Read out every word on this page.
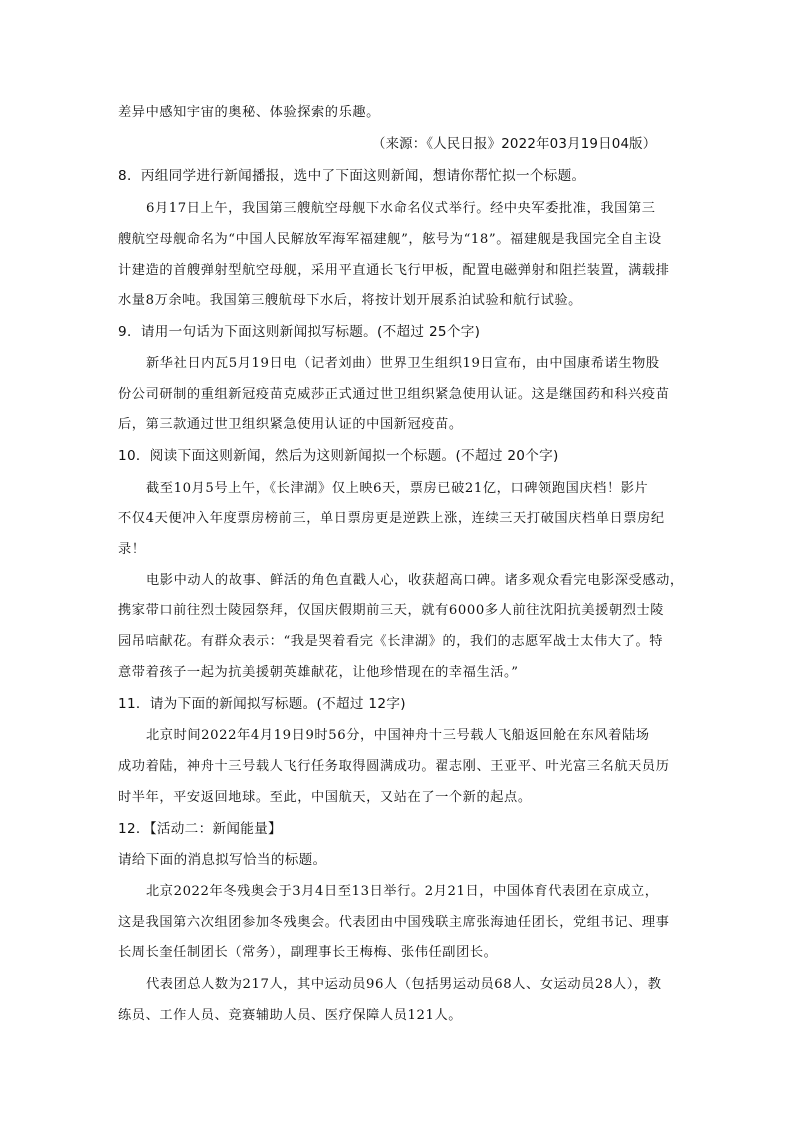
差异中感知宇宙的奥秘、体验探索的乐趣。
（来源：《人民日报》2022年03月19日04版）
8．丙组同学进行新闻播报，选中了下面这则新闻，想请你帮忙拟一个标题。
6月17日上午，我国第三艘航空母舰下水命名仪式举行。经中央军委批准，我国第三
艘航空母舰命名为“中国人民解放军海军福建舰”，舷号为“18”。福建舰是我国完全自主设
计建造的首艘弹射型航空母舰，采用平直通长飞行甲板，配置电磁弹射和阻拦装置，满载排
水量8万余吨。我国第三艘航母下水后，将按计划开展系泊试验和航行试验。
9．请用一句话为下面这则新闻拟写标题。(不超过 25个字)
新华社日内瓦5月19日电（记者刘曲）世界卫生组织19日宣布，由中国康希诺生物股
份公司研制的重组新冠疫苗克威莎正式通过世卫组织紧急使用认证。这是继国药和科兴疫苗
后，第三款通过世卫组织紧急使用认证的中国新冠疫苗。
10．阅读下面这则新闻，然后为这则新闻拟一个标题。(不超过 20个字)
截至10月5号上午，《长津湖》仅上映6天，票房已破21亿，口碑领跑国庆档！影片
不仅4天便冲入年度票房榜前三，单日票房更是逆跌上涨，连续三天打破国庆档单日票房纪
录！
电影中动人的故事、鲜活的角色直戳人心，收获超高口碑。诸多观众看完电影深受感动，
携家带口前往烈士陵园祭拜，仅国庆假期前三天，就有6000多人前往沈阳抗美援朝烈士陵
园吊唁献花。有群众表示：“我是哭着看完《长津湖》的，我们的志愿军战士太伟大了。特
意带着孩子一起为抗美援朝英雄献花，让他珍惜现在的幸福生活。”
11．请为下面的新闻拟写标题。(不超过 12字)
北京时间2022年4月19日9时56分，中国神舟十三号载人飞船返回舱在东风着陆场
成功着陆，神舟十三号载人飞行任务取得圆满成功。翟志刚、王亚平、叶光富三名航天员历
时半年，平安返回地球。至此，中国航天，又站在了一个新的起点。
12．【活动二：新闻能量】
请给下面的消息拟写恰当的标题。
北京2022年冬残奥会于3月4日至13日举行。2月21日，中国体育代表团在京成立，
这是我国第六次组团参加冬残奥会。代表团由中国残联主席张海迪任团长，党组书记、理事
长周长奎任制团长（常务），副理事长王梅梅、张伟任副团长。
代表团总人数为217人，其中运动员96人（包括男运动员68人、女运动员28人），教
练员、工作人员、竞赛辅助人员、医疗保障人员121人。
